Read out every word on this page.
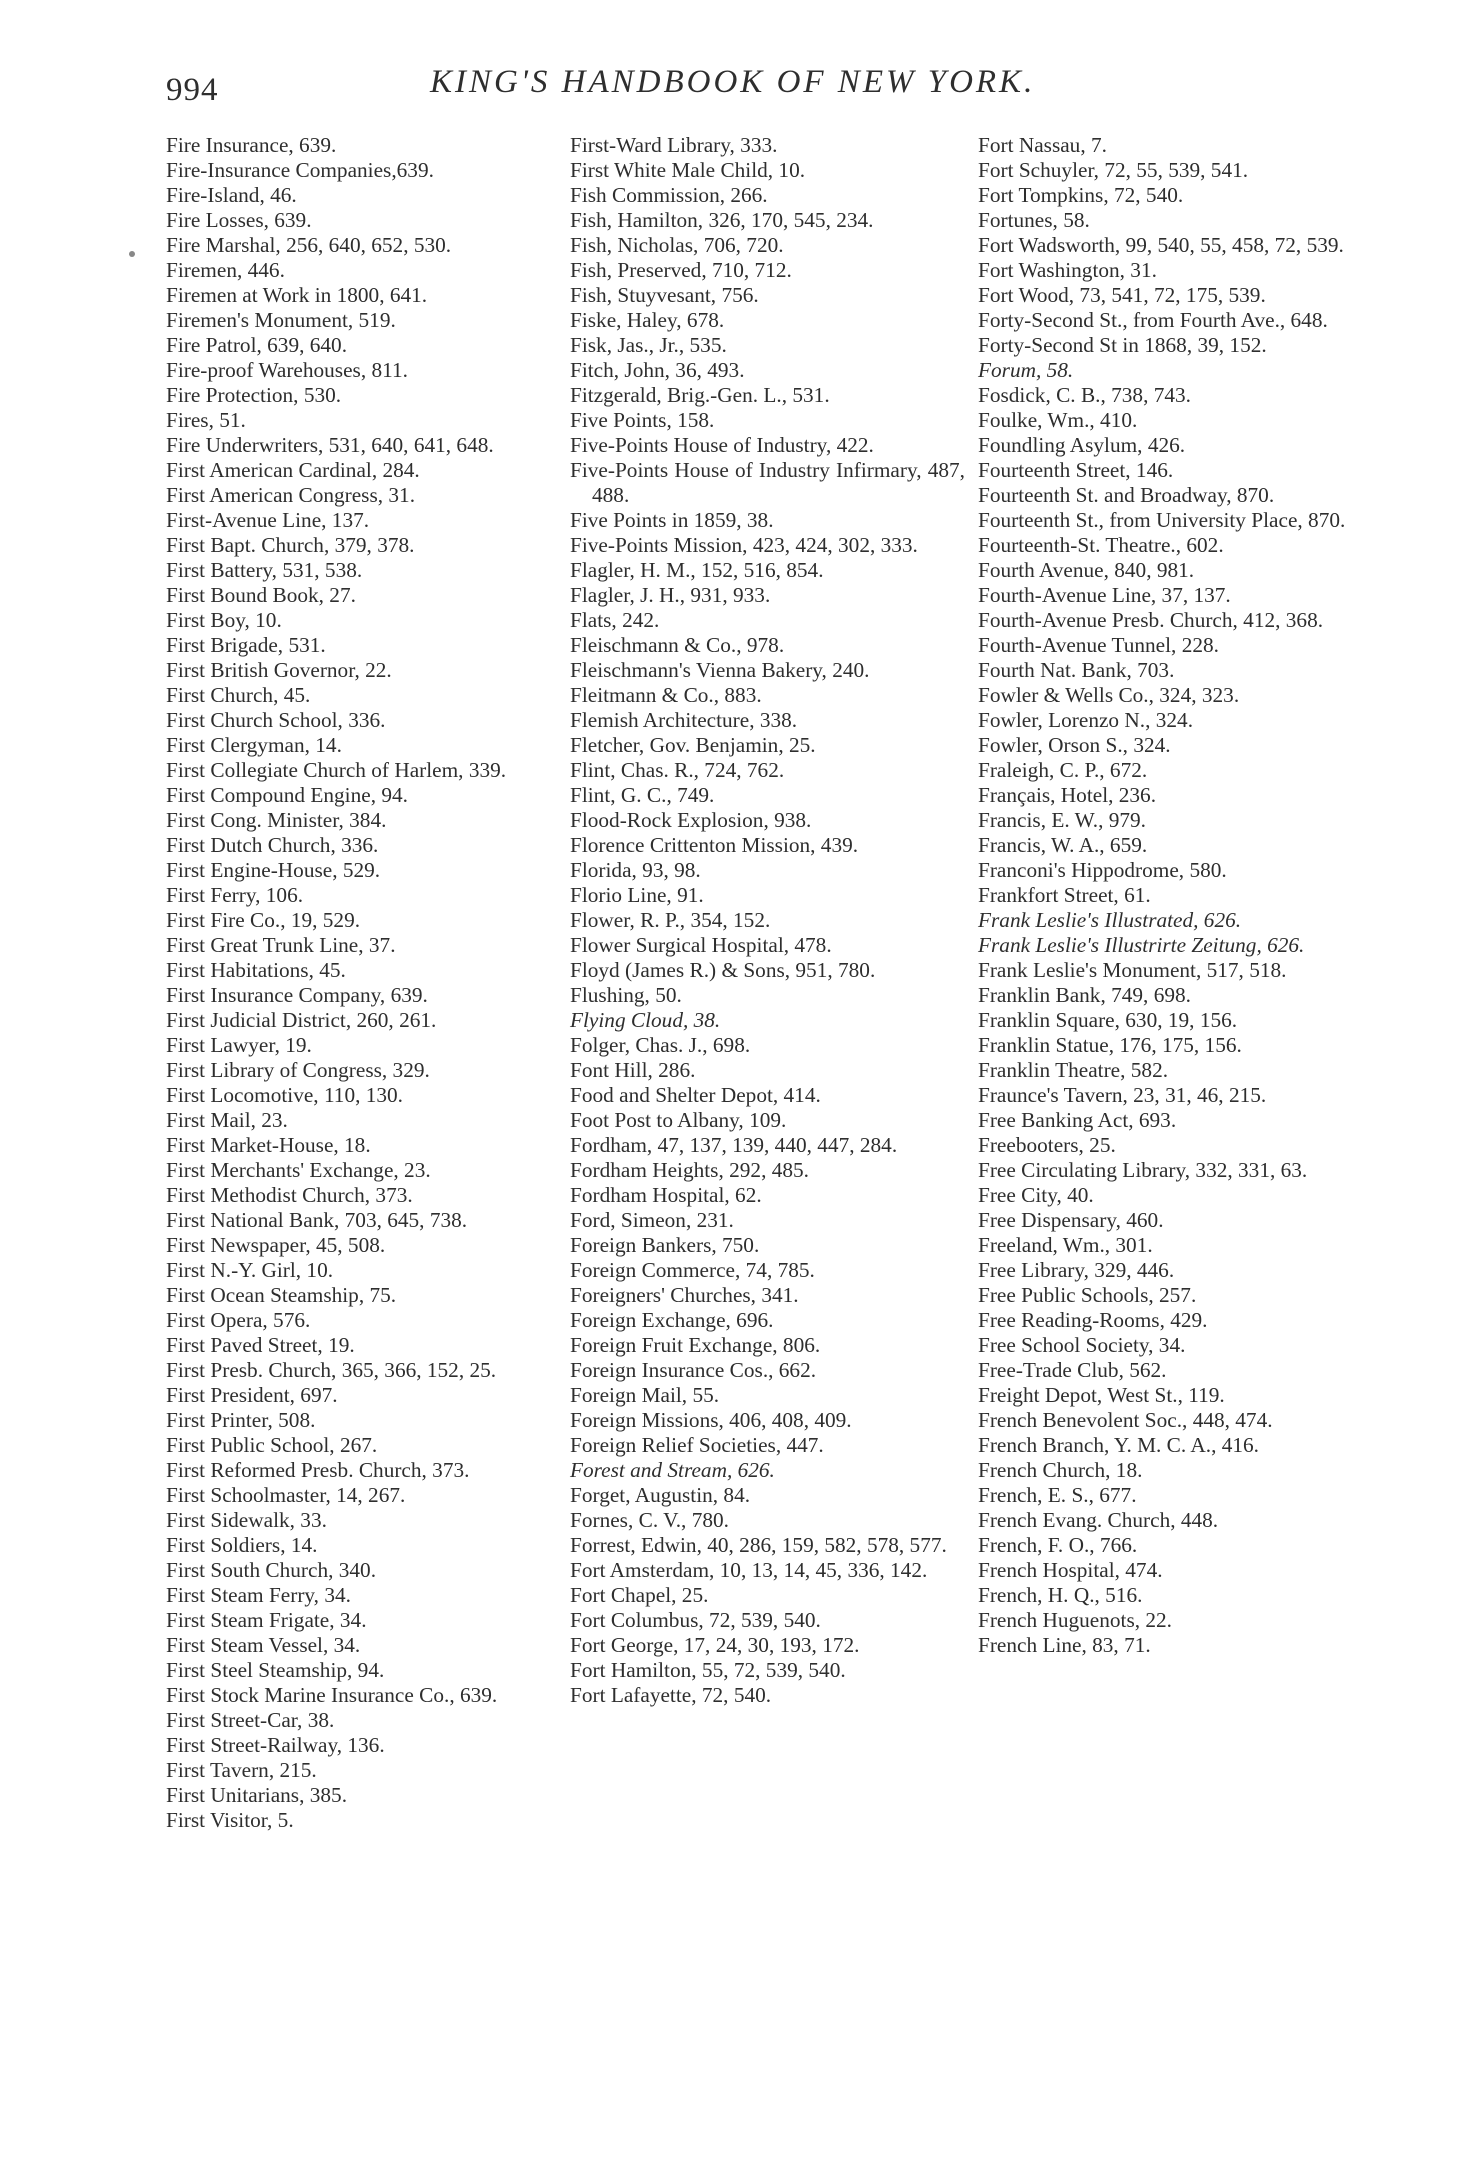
994	KING'S HANDBOOK OF NEW YORK.
Fire Insurance, 639.
Fire-Insurance Companies,639.
Fire-Island, 46.
Fire Losses, 639.
Fire Marshal, 256, 640, 652, 530.
Firemen, 446.
Firemen at Work in 1800, 641.
Firemen's Monument, 519.
Fire Patrol, 639, 640.
Fire-proof Warehouses, 811.
Fire Protection, 530.
Fires, 51.
Fire Underwriters, 531, 640, 641, 648.
First American Cardinal, 284.
First American Congress, 31.
First-Avenue Line, 137.
First Bapt. Church, 379, 378.
First Battery, 531, 538.
First Bound Book, 27.
First Boy, 10.
First Brigade, 531.
First British Governor, 22.
First Church, 45.
First Church School, 336.
First Clergyman, 14.
First Collegiate Church of Harlem, 339.
First Compound Engine, 94.
First Cong. Minister, 384.
First Dutch Church, 336.
First Engine-House, 529.
First Ferry, 106.
First Fire Co., 19, 529.
First Great Trunk Line, 37.
First Habitations, 45.
First Insurance Company, 639.
First Judicial District, 260, 261.
First Lawyer, 19.
First Library of Congress, 329.
First Locomotive, 110, 130.
First Mail, 23.
First Market-House, 18.
First Merchants' Exchange, 23.
First Methodist Church, 373.
First National Bank, 703, 645, 738.
First Newspaper, 45, 508.
First N.-Y. Girl, 10.
First Ocean Steamship, 75.
First Opera, 576.
First Paved Street, 19.
First Presb. Church, 365, 366, 152, 25.
First President, 697.
First Printer, 508.
First Public School, 267.
First Reformed Presb. Church, 373.
First Schoolmaster, 14, 267.
First Sidewalk, 33.
First Soldiers, 14.
First South Church, 340.
First Steam Ferry, 34.
First Steam Frigate, 34.
First Steam Vessel, 34.
First Steel Steamship, 94.
First Stock Marine Insurance Co., 639.
First Street-Car, 38.
First Street-Railway, 136.
First Tavern, 215.
First Unitarians, 385.
First Visitor, 5.
First-Ward Library, 333.
First White Male Child, 10.
Fish Commission, 266.
Fish, Hamilton, 326, 170, 545, 234.
Fish, Nicholas, 706, 720.
Fish, Preserved, 710, 712.
Fish, Stuyvesant, 756.
Fiske, Haley, 678.
Fisk, Jas., Jr., 535.
Fitch, John, 36, 493.
Fitzgerald, Brig.-Gen. L., 531.
Five Points, 158.
Five-Points House of Industry, 422.
Five-Points House of Industry Infirmary, 487, 488.
Five Points in 1859, 38.
Five-Points Mission, 423, 424, 302, 333.
Flagler, H. M., 152, 516, 854.
Flagler, J. H., 931, 933.
Flats, 242.
Fleischmann & Co., 978.
Fleischmann's Vienna Bakery, 240.
Fleitmann & Co., 883.
Flemish Architecture, 338.
Fletcher, Gov. Benjamin, 25.
Flint, Chas. R., 724, 762.
Flint, G. C., 749.
Flood-Rock Explosion, 938.
Florence Crittenton Mission, 439.
Florida, 93, 98.
Florio Line, 91.
Flower, R. P., 354, 152.
Flower Surgical Hospital, 478.
Floyd (James R.) & Sons, 951, 780.
Flushing, 50.
Flying Cloud, 38.
Folger, Chas. J., 698.
Font Hill, 286.
Food and Shelter Depot, 414.
Foot Post to Albany, 109.
Fordham, 47, 137, 139, 440, 447, 284.
Fordham Heights, 292, 485.
Fordham Hospital, 62.
Ford, Simeon, 231.
Foreign Bankers, 750.
Foreign Commerce, 74, 785.
Foreigners' Churches, 341.
Foreign Exchange, 696.
Foreign Fruit Exchange, 806.
Foreign Insurance Cos., 662.
Foreign Mail, 55.
Foreign Missions, 406, 408, 409.
Foreign Relief Societies, 447.
Forest and Stream, 626.
Forget, Augustin, 84.
Fornes, C. V., 780.
Forrest, Edwin, 40, 286, 159, 582, 578, 577.
Fort Amsterdam, 10, 13, 14, 45, 336, 142.
Fort Chapel, 25.
Fort Columbus, 72, 539, 540.
Fort George, 17, 24, 30, 193, 172.
Fort Hamilton, 55, 72, 539, 540.
Fort Lafayette, 72, 540.
Fort Nassau, 7.
Fort Schuyler, 72, 55, 539, 541.
Fort Tompkins, 72, 540.
Fortunes, 58.
Fort Wadsworth, 99, 540, 55, 458, 72, 539.
Fort Washington, 31.
Fort Wood, 73, 541, 72, 175, 539.
Forty-Second St., from Fourth Ave., 648.
Forty-Second St in 1868, 39, 152.
Forum, 58.
Fosdick, C. B., 738, 743.
Foulke, Wm., 410.
Foundling Asylum, 426.
Fourteenth Street, 146.
Fourteenth St. and Broadway, 870.
Fourteenth St., from University Place, 870.
Fourteenth-St. Theatre., 602.
Fourth Avenue, 840, 981.
Fourth-Avenue Line, 37, 137.
Fourth-Avenue Presb. Church, 412, 368.
Fourth-Avenue Tunnel, 228.
Fourth Nat. Bank, 703.
Fowler & Wells Co., 324, 323.
Fowler, Lorenzo N., 324.
Fowler, Orson S., 324.
Fraleigh, C. P., 672.
Français, Hotel, 236.
Francis, E. W., 979.
Francis, W. A., 659.
Franconi's Hippodrome, 580.
Frankfort Street, 61.
Frank Leslie's Illustrated, 626.
Frank Leslie's Illustrirte Zeitung, 626.
Frank Leslie's Monument, 517, 518.
Franklin Bank, 749, 698.
Franklin Square, 630, 19, 156.
Franklin Statue, 176, 175, 156.
Franklin Theatre, 582.
Fraunce's Tavern, 23, 31, 46, 215.
Free Banking Act, 693.
Freebooters, 25.
Free Circulating Library, 332, 331, 63.
Free City, 40.
Free Dispensary, 460.
Freeland, Wm., 301.
Free Library, 329, 446.
Free Public Schools, 257.
Free Reading-Rooms, 429.
Free School Society, 34.
Free-Trade Club, 562.
Freight Depot, West St., 119.
French Benevolent Soc., 448, 474.
French Branch, Y. M. C. A., 416.
French Church, 18.
French, E. S., 677.
French Evang. Church, 448.
French, F. O., 766.
French Hospital, 474.
French, H. Q., 516.
French Huguenots, 22.
French Line, 83, 71.
